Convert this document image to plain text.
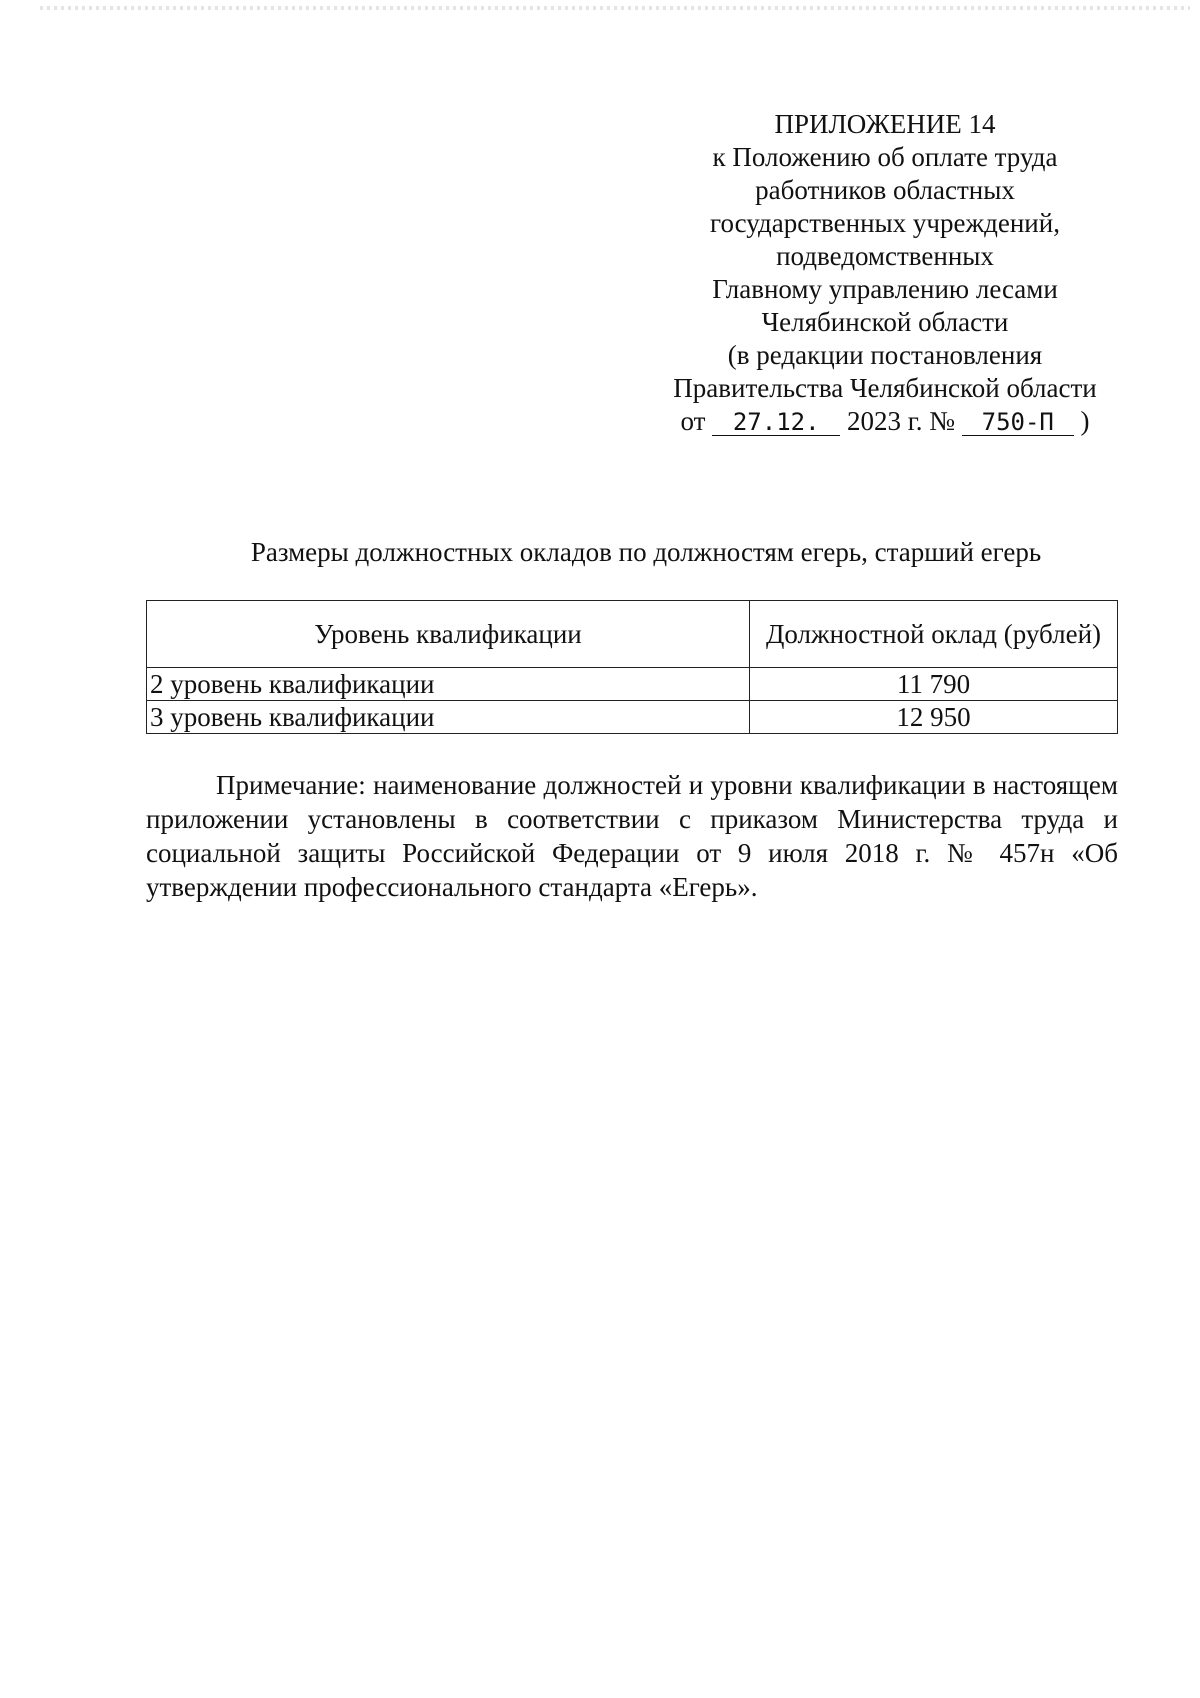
ПРИЛОЖЕНИЕ 14
к Положению об оплате труда
работников областных
государственных учреждений,
подведомственных
Главному управлению лесами
Челябинской области
(в редакции постановления
Правительства Челябинской области
от 27.12. 2023 г. № 750-П )
Размеры должностных окладов по должностям егерь, старший егерь
Уровень квалификации	Должностной оклад (рублей)
2 уровень квалификации	11 790
3 уровень квалификации	12 950
Примечание: наименование должностей и уровни квалификации в настоящем приложении установлены в соответствии с приказом Министерства труда и социальной защиты Российской Федерации от 9 июля 2018 г. № 457н «Об утверждении профессионального стандарта «Егерь».
